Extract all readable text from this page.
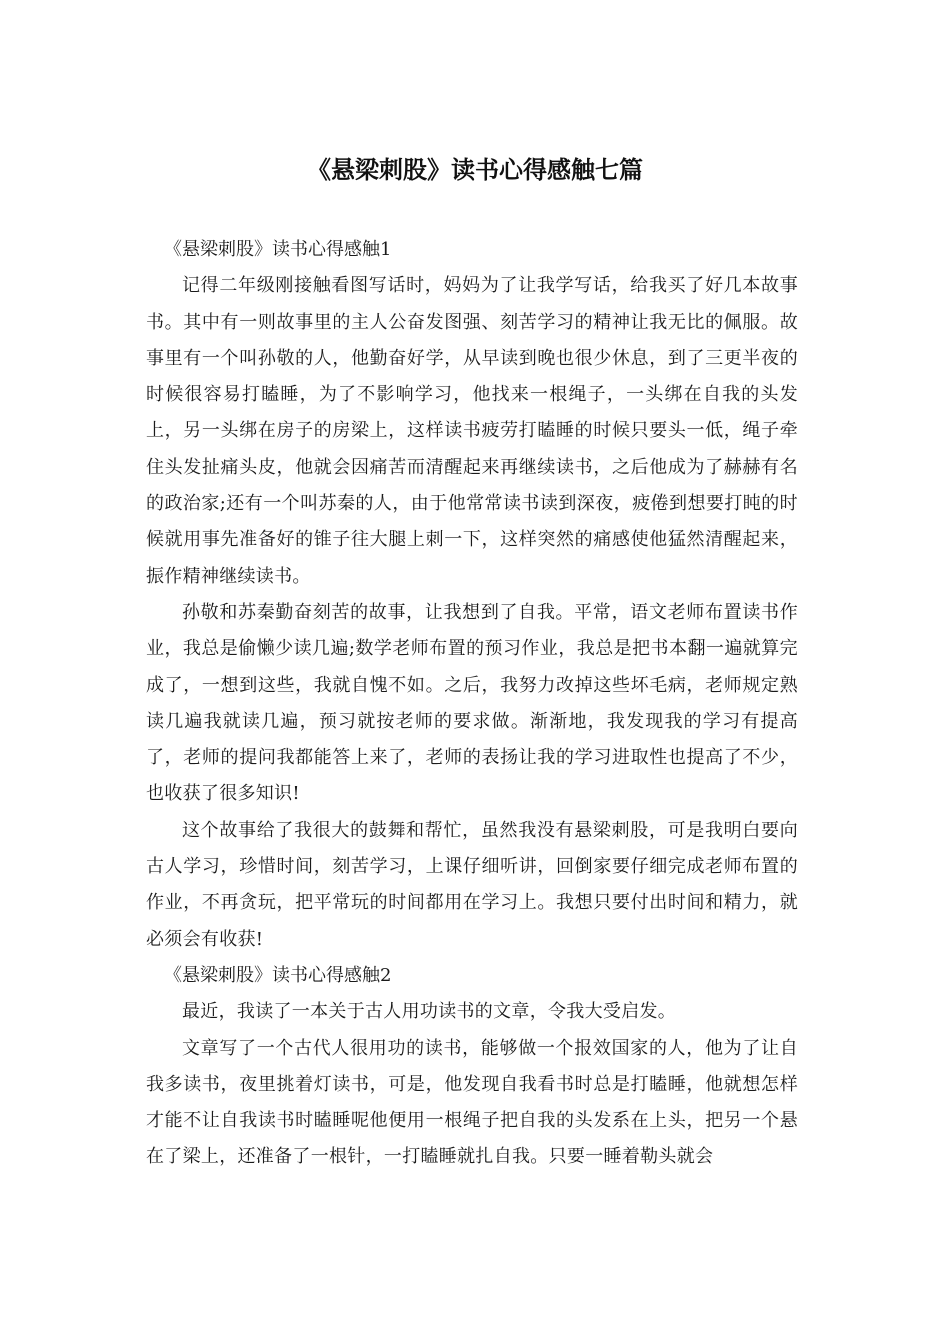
《悬梁刺股》读书心得感触七篇

《悬梁刺股》读书心得感触1

记得二年级刚接触看图写话时，妈妈为了让我学写话，给我买了好几本故事书。其中有一则故事里的主人公奋发图强、刻苦学习的精神让我无比的佩服。故事里有一个叫孙敬的人，他勤奋好学，从早读到晚也很少休息，到了三更半夜的时候很容易打瞌睡，为了不影响学习，他找来一根绳子，一头绑在自我的头发上，另一头绑在房子的房梁上，这样读书疲劳打瞌睡的时候只要头一低，绳子牵住头发扯痛头皮，他就会因痛苦而清醒起来再继续读书，之后他成为了赫赫有名的政治家;还有一个叫苏秦的人，由于他常常读书读到深夜，疲倦到想要打盹的时候就用事先准备好的锥子往大腿上刺一下，这样突然的痛感使他猛然清醒起来，振作精神继续读书。

孙敬和苏秦勤奋刻苦的故事，让我想到了自我。平常，语文老师布置读书作业，我总是偷懒少读几遍;数学老师布置的预习作业，我总是把书本翻一遍就算完成了，一想到这些，我就自愧不如。之后，我努力改掉这些坏毛病，老师规定熟读几遍我就读几遍，预习就按老师的要求做。渐渐地，我发现我的学习有提高了，老师的提问我都能答上来了，老师的表扬让我的学习进取性也提高了不少，也收获了很多知识!

这个故事给了我很大的鼓舞和帮忙，虽然我没有悬梁刺股，可是我明白要向古人学习，珍惜时间，刻苦学习，上课仔细听讲，回倒家要仔细完成老师布置的作业，不再贪玩，把平常玩的时间都用在学习上。我想只要付出时间和精力，就必须会有收获!

《悬梁刺股》读书心得感触2

最近，我读了一本关于古人用功读书的文章，令我大受启发。

文章写了一个古代人很用功的读书，能够做一个报效国家的人，他为了让自我多读书，夜里挑着灯读书，可是，他发现自我看书时总是打瞌睡，他就想怎样才能不让自我读书时瞌睡呢他便用一根绳子把自我的头发系在上头，把另一个悬在了梁上，还准备了一根针，一打瞌睡就扎自我。只要一睡着勒头就会
